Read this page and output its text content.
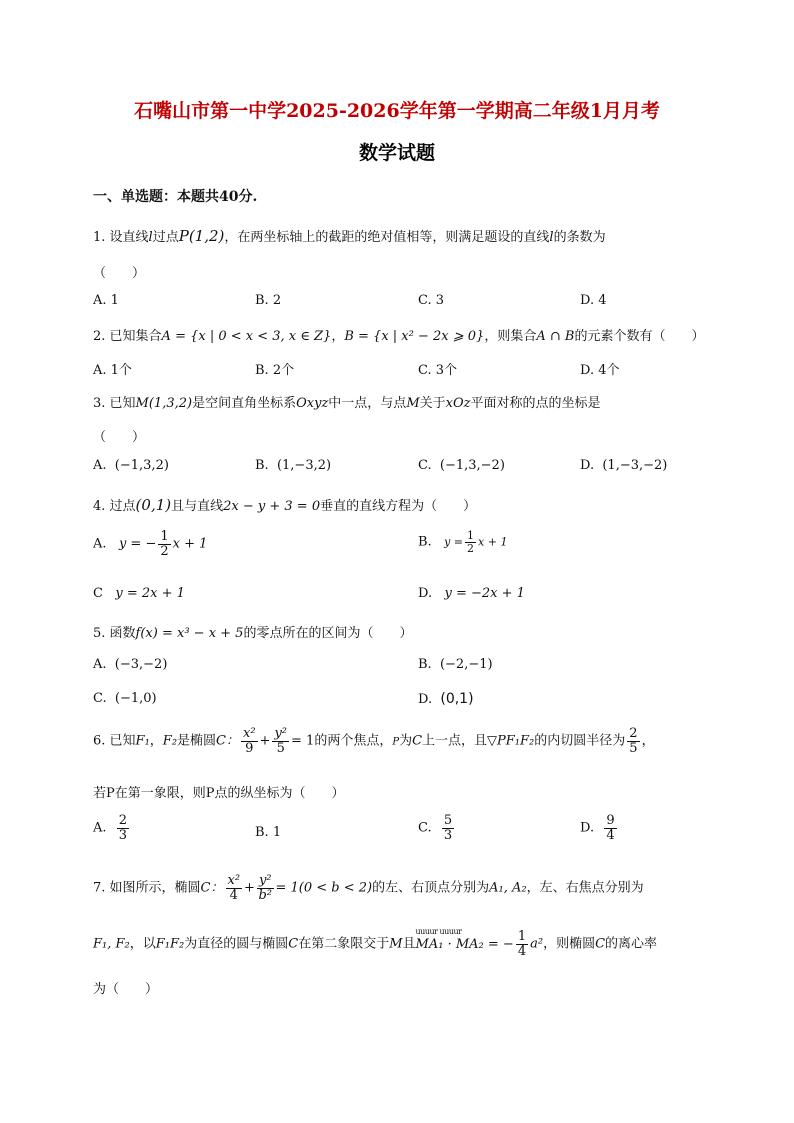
石嘴山市第一中学2025-2026学年第一学期高二年级1月月考
数学试题
一、单选题：本题共40分.
1. 设直线l过点P(1,2)，在两坐标轴上的截距的绝对值相等，则满足题设的直线l的条数为
（　　）
A. 1	B. 2	C. 3	D. 4
2. 已知集合A = {x | 0 < x < 3, x ∈ Z}，B = {x | x² − 2x ⩾ 0}，则集合A ∩ B的元素个数有（　　）
A. 1个	B. 2个	C. 3个	D. 4个
3. 已知M(1,3,2)是空间直角坐标系Oxyz中一点，与点M关于xOz平面对称的点的坐标是
（　　）
A. (−1,3,2)	B. (1,−3,2)	C. (−1,3,−2)	D. (1,−3,−2)
4. 过点(0,1)且与直线2x − y + 3 = 0垂直的直线方程为（　　）
A. y = − $\frac{1}{2}$ x + 1	B. $y = \frac{1}{2}$ x + 1
C y = 2x + 1	D. y = −2x + 1
5. 函数f(x) = x³ − x + 5的零点所在的区间为（　　）
A. (−3,−2)	B. (−2,−1)
C. (−1,0)	D. (0,1)
6. 已知F₁，F₂是椭圆C： $\frac{\text{x²}}{9} + \frac{\text{y²}}{5} = 1$的两个焦点，P为C上一点，且▽PF₁F₂的内切圆半径为 $\frac{2}{5}$ ，
若P在第一象限，则P点的纵坐标为（　　）
A. $\frac{2}{3}$	B. 1	C. $\frac{5}{3}$	D. $\frac{9}{4}$
7. 如图所示，椭圆C： $\frac{\text{x²}}{4} + \frac{\text{y²}}{\text{b²}} = 1(0 < b < 2)$的左、右顶点分别为A₁, A₂，左、右焦点分别为
F₁, F₂，以F₁F₂为直径的圆与椭圆C在第二象限交于M且
uuuur uuuur
MA₁ · MA₂ = − $\frac{1}{4} a^2$，则椭圆C的离心率
为（　　）
